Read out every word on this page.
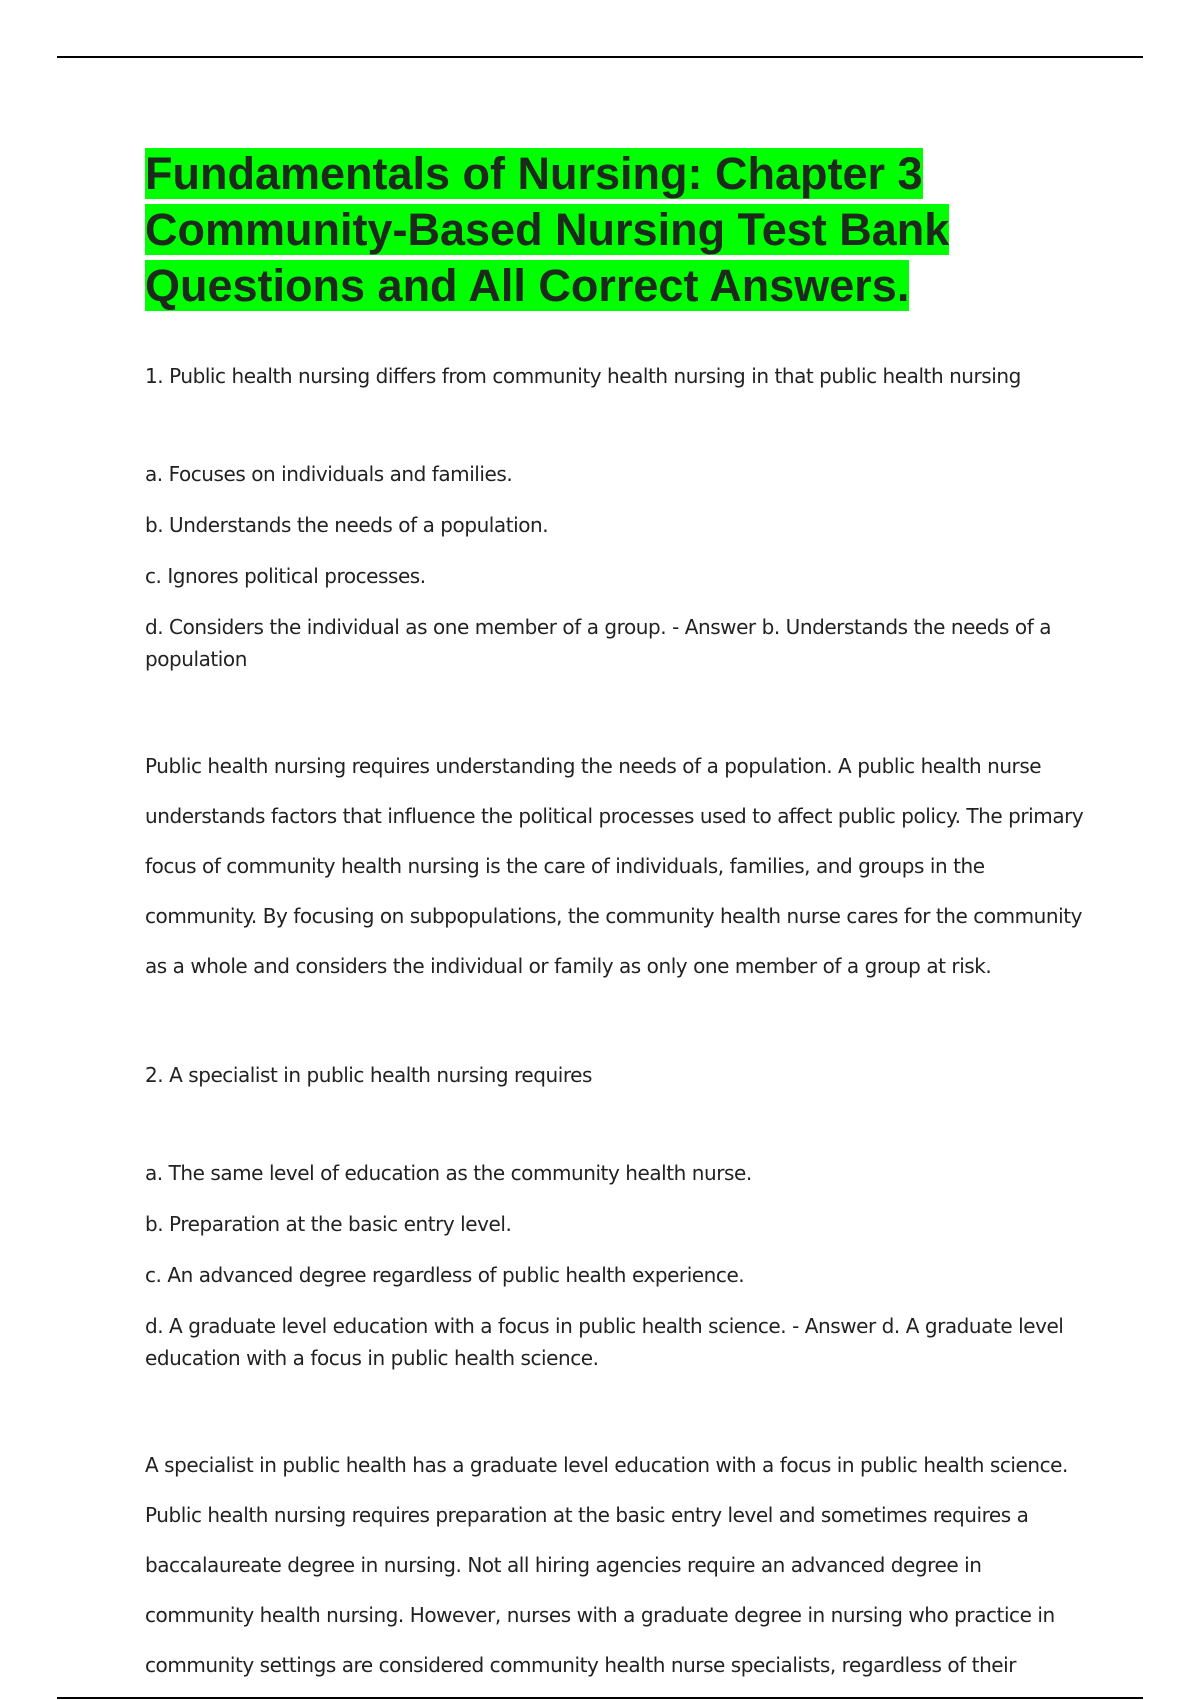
Fundamentals of Nursing: Chapter 3
Community-Based Nursing Test Bank
Questions and All Correct Answers.

1. Public health nursing differs from community health nursing in that public health nursing

a. Focuses on individuals and families.
b. Understands the needs of a population.
c. Ignores political processes.
d. Considers the individual as one member of a group. - Answer b. Understands the needs of a population

Public health nursing requires understanding the needs of a population. A public health nurse understands factors that influence the political processes used to affect public policy. The primary focus of community health nursing is the care of individuals, families, and groups in the community. By focusing on subpopulations, the community health nurse cares for the community as a whole and considers the individual or family as only one member of a group at risk.

2. A specialist in public health nursing requires

a. The same level of education as the community health nurse.
b. Preparation at the basic entry level.
c. An advanced degree regardless of public health experience.
d. A graduate level education with a focus in public health science. - Answer d. A graduate level education with a focus in public health science.

A specialist in public health has a graduate level education with a focus in public health science. Public health nursing requires preparation at the basic entry level and sometimes requires a baccalaureate degree in nursing. Not all hiring agencies require an advanced degree in community health nursing. However, nurses with a graduate degree in nursing who practice in community settings are considered community health nurse specialists, regardless of their
